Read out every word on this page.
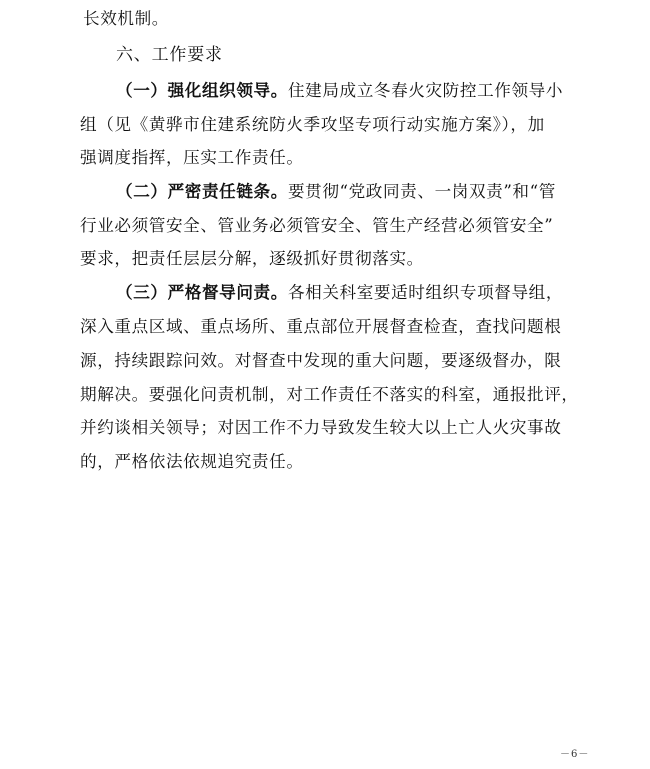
长效机制。
六、工作要求
（一）强化组织领导。住建局成立冬春火灾防控工作领导小
组（见《黄骅市住建系统防火季攻坚专项行动实施方案》），加
强调度指挥，压实工作责任。
（二）严密责任链条。要贯彻“党政同责、一岗双责”和“管
行业必须管安全、管业务必须管安全、管生产经营必须管安全”
要求，把责任层层分解，逐级抓好贯彻落实。
（三）严格督导问责。各相关科室要适时组织专项督导组，
深入重点区域、重点场所、重点部位开展督查检查，查找问题根
源，持续跟踪问效。对督查中发现的重大问题，要逐级督办，限
期解决。要强化问责机制，对工作责任不落实的科室，通报批评，
并约谈相关领导；对因工作不力导致发生较大以上亡人火灾事故
的，严格依法依规追究责任。
－6－
